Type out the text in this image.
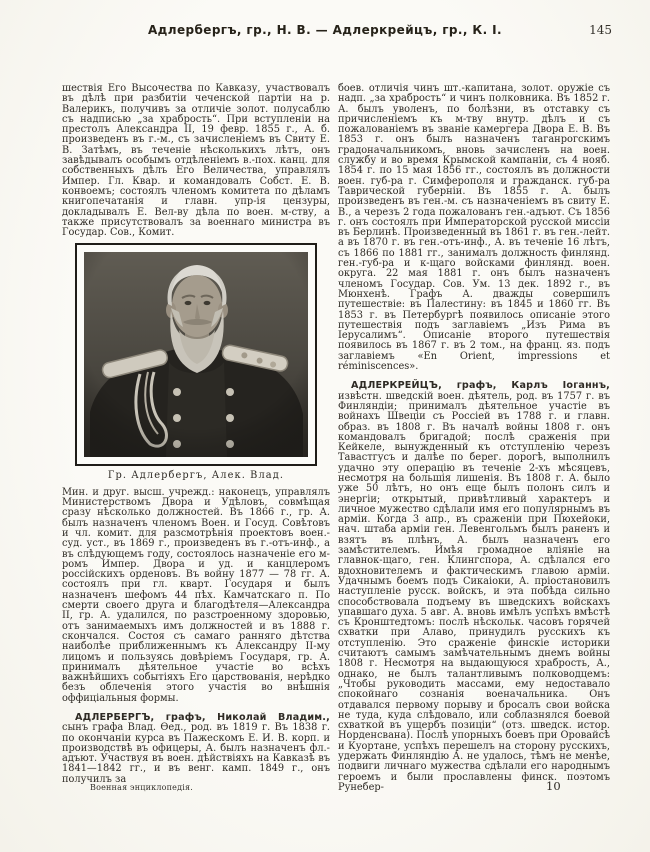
Адлербергъ, гр., Н. В. — Адлеркрейцъ, гр., К. І.	145

шествія Его Высочества по Кавказу, участвовалъ въ дѣлѣ при разбитіи чеченской партіи на р. Валерикъ, получивъ за отличіе золот. полусаблю съ надписью „за храбрость“. При вступленіи на престолъ Александра II, 19 февр. 1855 г., А. б. произведенъ въ г.-м., съ зачисленіемъ въ Свиту Е. В. Затѣмъ, въ теченіе нѣсколькихъ лѣтъ, онъ завѣдывалъ особымъ отдѣленіемъ в.-пох. канц. для собственныхъ дѣлъ Его Величества, управлялъ Импер. Гл. Квар. и командовалъ Собст. Е. В. конвоемъ; состоялъ членомъ комитета по дѣламъ книгопечатанія и главн. упр-ія цензуры, докладывалъ Е. Вел-ву дѣла по воен. м-ству, а также присутствовалъ за военнаго министра въ Государ. Сов., Комит.

Гр. Адлербергъ, Алек. Влад.

Мин. и друг. высш. учрежд.: наконецъ, управлялъ Министерствомъ Двора и Удѣловъ, совмѣщая сразу нѣсколько должностей. Въ 1866 г., гр. А. былъ назначенъ членомъ Воен. и Госуд. Совѣтовъ и чл. комит. для разсмотрѣнія проектовъ воен.-суд. уст., въ 1869 г., произведенъ въ г.-отъ-инф., а въ слѣдующемъ году, состоялось назначеніе его м-ромъ Импер. Двора и уд. и канцлеромъ россійскихъ орденовъ. Въ войну 1877 — 78 гг. А. состоялъ при гл. кварт. Государя и былъ назначенъ шефомъ 44 пѣх. Камчатскаго п. По смерти своего друга и благодѣтеля—Александра II, гр. А. удалился, по разстроенному здоровью, отъ занимаемыхъ имъ должностей и въ 1888 г. скончался. Состоя съ самаго ранняго дѣтства наиболѣе приближеннымъ къ Александру II-му лицомъ и пользуясь довѣріемъ Государя, гр. А. принималъ дѣятельное участіе во всѣхъ важнѣйшихъ событіяхъ Его царствованія, нерѣдко безъ облеченія этого участія во внѣшнія оффиціальныя формы.

АДЛЕРБЕРГЪ, графъ, Николай Владим., сынъ графа Влад. Ѳед., род. въ 1819 г. Въ 1838 г. по окончаніи курса въ Пажескомъ Е. И. В. корп. и производствѣ въ офицеры, А. былъ назначенъ фл.-адъют. Участвуя въ воен. дѣйствіяхъ на Кавказѣ въ 1841—1842 гг., и въ венг. камп. 1849 г., онъ получилъ за

боев. отличія чинъ шт.-капитана, золот. оружіе съ надп. „за храбрость“ и чинъ полковника. Въ 1852 г. А. былъ уволенъ, по болѣзни, въ отставку съ причисленіемъ къ м-тву внутр. дѣлъ и съ пожалованіемъ въ званіе камергера Двора Е. В. Въ 1853 г. онъ былъ назначенъ таганрогскимъ градоначальникомъ, вновь зачисленъ на воен. службу и во время Крымской кампаніи, съ 4 нояб. 1854 г. по 15 мая 1856 гг., состоялъ въ должности воен. губ-ра г. Симферополя и гражданск. губ-ра Таврической губерніи. Въ 1855 г. А. былъ произведенъ въ ген.-м. съ назначеніемъ въ свиту Е. В., а черезъ 2 года пожалованъ ген.-адъют. Съ 1856 г. онъ состоялъ при Императорской русской миссіи въ Берлинѣ. Произведенный въ 1861 г. въ ген.-лейт. а въ 1870 г. въ ген.-отъ-инф., А. въ теченіе 16 лѣтъ, съ 1866 по 1881 гг., занималъ должность финлянд. ген.-губ-ра и к-щаго войсками финлянд. воен. округа. 22 мая 1881 г. онъ былъ назначенъ членомъ Государ. Сов. Ум. 13 дек. 1892 г., въ Мюнхенѣ. Графъ А. дважды совершилъ путешествіе: въ Палестину: въ 1845 и 1860 гг. Въ 1853 г. въ Петербургѣ появилось описаніе этого путешествія подъ заглавіемъ „Изъ Рима въ Іерусалимъ“. Описаніе второго путешествія появилось въ 1867 г. въ 2 том., на франц. яз. подъ заглавіемъ «En Orient, impressions et réminiscences».

АДЛЕРКРЕЙЦЪ, графъ, Карлъ Іоганнъ, извѣстн. шведскій воен. дѣятель, род. въ 1757 г. въ Финляндіи; принималъ дѣятельное участіе въ войнахъ Швеціи съ Россіей въ 1788 г. и главн. образ. въ 1808 г. Въ началѣ войны 1808 г. онъ командовалъ бригадой; послѣ сраженія при Кейкеле, вынужденный къ отступленію черезъ Тавастгусъ и далѣе по берег. дорогѣ, выполнилъ удачно эту операцію въ теченіе 2-хъ мѣсяцевъ, несмотря на большія лишенія. Въ 1808 г. А. было уже 50 лѣтъ, но онъ еще былъ полонъ силъ и энергіи; открытый, привѣтливый характеръ и личное мужество сдѣлали имя его популярнымъ въ арміи. Когда 3 апр., въ сраженіи при Пюхейоки, нач. штаба арміи ген. Левенгольмъ былъ раненъ и взятъ въ плѣнъ, А. былъ назначенъ его замѣстителемъ. Имѣя громадное вліяніе на главнок-щаго, ген. Клингспора, А. сдѣлался его вдохновителемъ и фактическимъ главою арміи. Удачнымъ боемъ подъ Сикаіоки, А. пріостановилъ наступленіе русск. войскъ, и эта побѣда сильно способствовала подъему въ шведскихъ войскахъ упавшаго духа. 5 авг. А. вновь имѣлъ успѣхъ вмѣстѣ съ Кронштедтомъ: послѣ нѣскольк. часовъ горячей схватки при Алаво, принудилъ русскихъ къ отступленію. Это сраженіе финскіе историки считаютъ самымъ замѣчательнымъ днемъ войны 1808 г. Несмотря на выдающуюся храбрость, А., однако, не былъ талантливымъ полководцемъ: „Чтобы руководить массами, ему недоставало спокойнаго сознанія военачальника. Онъ отдавался первому порыву и бросалъ свои войска не туда, куда слѣдовало, или соблазнялся боевой схваткой въ ущербъ позиціи“ (отз. шведск. истор. Норденсвана). Послѣ упорныхъ боевъ при Оровайсѣ и Куортане, успѣхъ перешелъ на сторону русскихъ, удержать Финляндію А. не удалось, тѣмъ не менѣе, подвиги личнаго мужества сдѣлали его народнымъ героемъ и были прославлены финск. поэтомъ Рунебер-

Военная энциклопедія.	10
